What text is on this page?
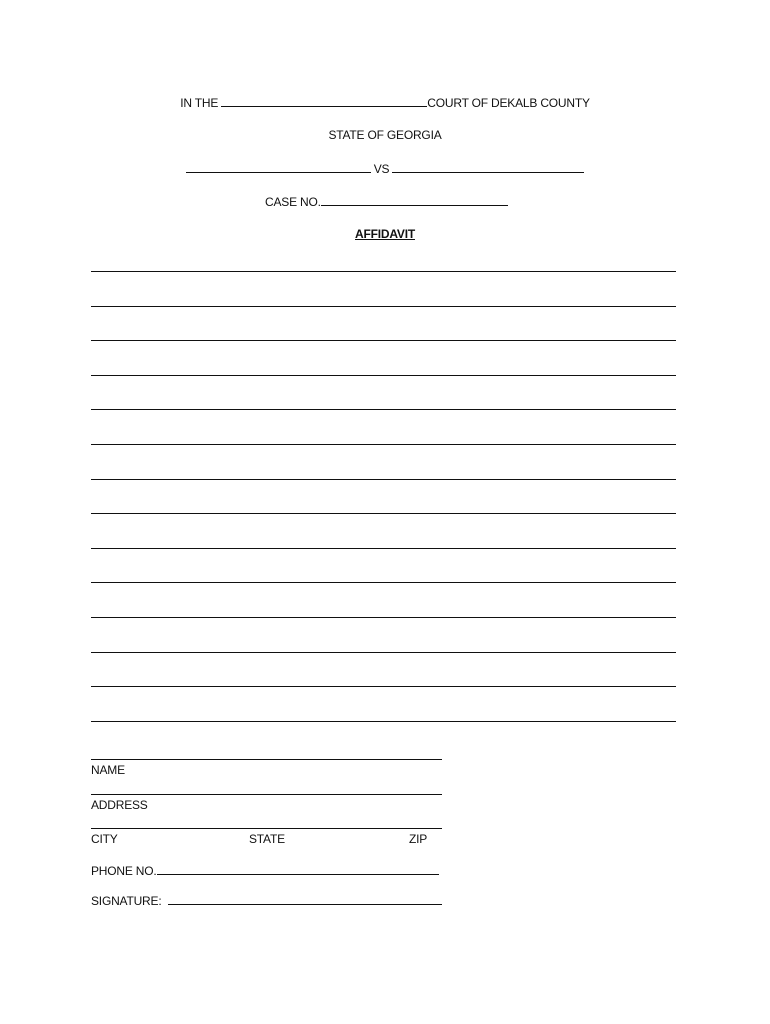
IN THE	COURT OF DEKALB COUNTY
STATE OF GEORGIA
VS
CASE NO.
AFFIDAVIT
NAME
ADDRESS
CITY	STATE	ZIP
PHONE NO.
SIGNATURE:
